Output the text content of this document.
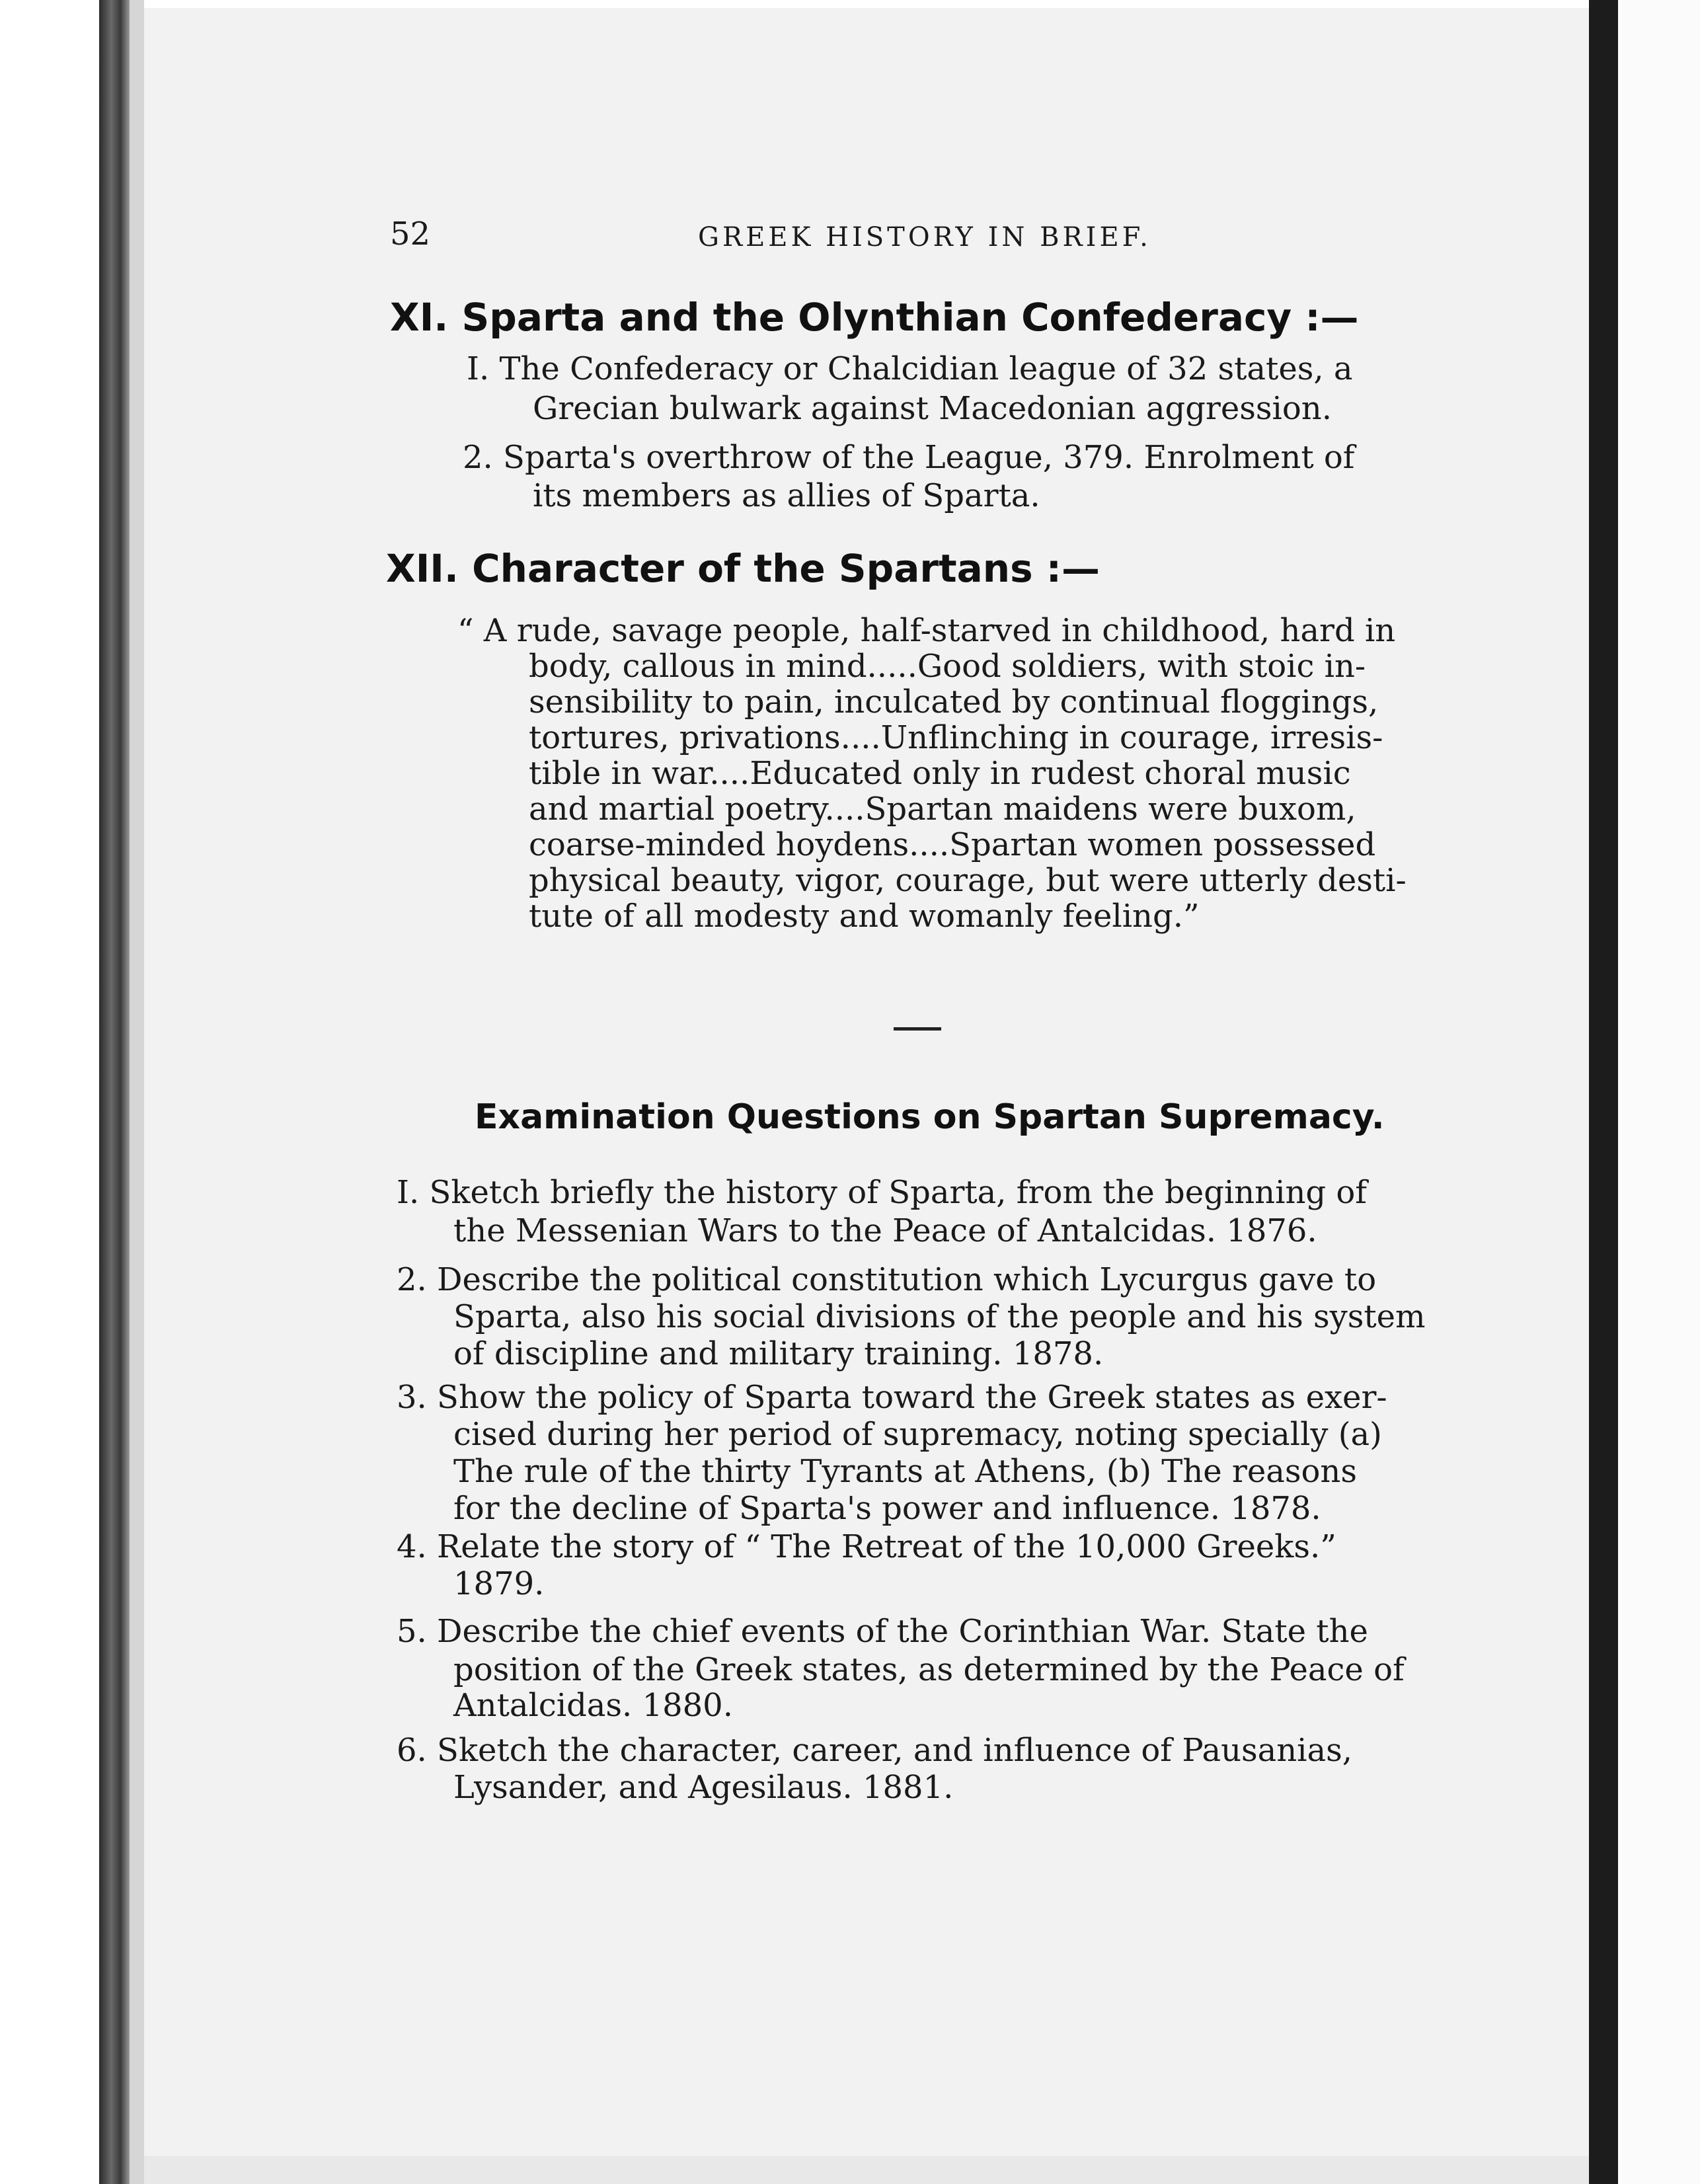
52	GREEK HISTORY IN BRIEF.
XI. Sparta and the Olynthian Confederacy :—
I. The Confederacy or Chalcidian league of 32 states, a
Grecian bulwark against Macedonian aggression.
2. Sparta's overthrow of the League, 379. Enrolment of
its members as allies of Sparta.
XII. Character of the Spartans :—
“ A rude, savage people, half-starved in childhood, hard in
body, callous in mind.....Good soldiers, with stoic in-
sensibility to pain, inculcated by continual floggings,
tortures, privations....Unflinching in courage, irresis-
tible in war....Educated only in rudest choral music
and martial poetry....Spartan maidens were buxom,
coarse-minded hoydens....Spartan women possessed
physical beauty, vigor, courage, but were utterly desti-
tute of all modesty and womanly feeling.”
Examination Questions on Spartan Supremacy.
I. Sketch briefly the history of Sparta, from the beginning of
the Messenian Wars to the Peace of Antalcidas. 1876.
2. Describe the political constitution which Lycurgus gave to
Sparta, also his social divisions of the people and his system
of discipline and military training. 1878.
3. Show the policy of Sparta toward the Greek states as exer-
cised during her period of supremacy, noting specially (a)
The rule of the thirty Tyrants at Athens, (b) The reasons
for the decline of Sparta's power and influence. 1878.
4. Relate the story of “ The Retreat of the 10,000 Greeks.”
1879.
5. Describe the chief events of the Corinthian War. State the
position of the Greek states, as determined by the Peace of
Antalcidas. 1880.
6. Sketch the character, career, and influence of Pausanias,
Lysander, and Agesilaus. 1881.
